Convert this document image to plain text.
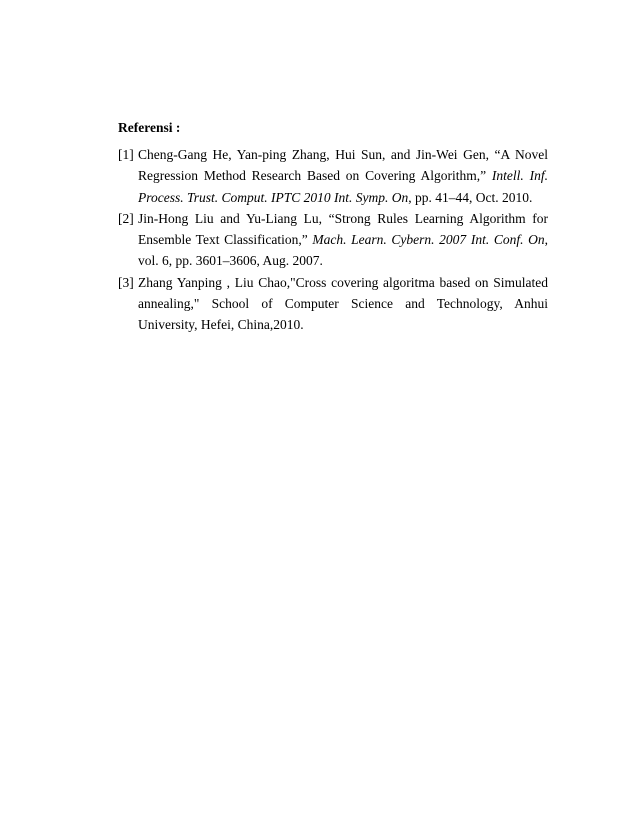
Referensi :

[1] Cheng-Gang He, Yan-ping Zhang, Hui Sun, and Jin-Wei Gen, “A Novel Regression Method Research Based on Covering Algorithm,” Intell. Inf. Process. Trust. Comput. IPTC 2010 Int. Symp. On, pp. 41–44, Oct. 2010.

[2] Jin-Hong Liu and Yu-Liang Lu, “Strong Rules Learning Algorithm for Ensemble Text Classification,” Mach. Learn. Cybern. 2007 Int. Conf. On, vol. 6, pp. 3601–3606, Aug. 2007.

[3] Zhang Yanping , Liu Chao,"Cross covering algoritma based on Simulated annealing," School of Computer Science and Technology, Anhui University, Hefei, China,2010.
